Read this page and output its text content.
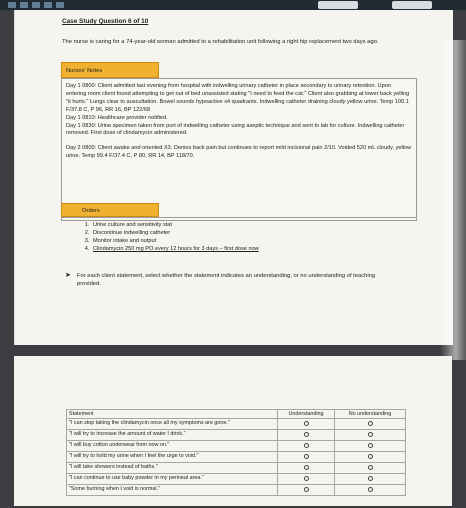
Case Study Question 6 of 10
The nurse is caring for a 74-year-old woman admitted to a rehabilitation unit following a right hip replacement two days ago.
Nurses' Notes

Day 1 0800: Client admitted last evening from hospital with indwelling urinary catheter in place secondary to urinary retention. Upon entering room client found attempting to get out of bed unassisted stating "I need to feed the cat." Client also grabbing at lower back yelling "it hurts." Lungs clear to auscultation. Bowel sounds hypoactive x4 quadrants. Indwelling catheter draining cloudy yellow urine. Temp 100.1 F/37.8 C, P 96, RR 16, BP 122/68

Day 1 0810: Healthcare provider notified.

Day 1 0830: Urine specimen taken from port of indwelling catheter using aseptic technique and sent to lab for culture. Indwelling catheter removed. First dose of clindamycin administered.

Day 2 0800: Client awake and oriented X3. Denies back pain but continues to report mild incisional pain 2/10. Voided 520 mL cloudy, yellow urine. Temp 99.4 F/37.4 C, P 80, RR 14, BP 118/70.

Orders
1. Urine culture and sensitivity stat
2. Discontinue indwelling catheter
3. Monitor intake and output
4. Clindamycin 250 mg PO every 12 hours for 3 days – first dose now
➤	For each client statement, select whether the statement indicates an understanding, or no understanding of teaching provided.
Statement	Understanding	No understanding
"I can stop taking the clindamycin once all my symptoms are gone."		
"I will try to increase the amount of water I drink."		
"I will buy cotton underwear from now on."		
"I will try to hold my urine when I feel the urge to void."		
"I will take showers instead of baths."		
"I can continue to use baby powder in my perineal area."		
"Some burning when I void is normal."		
